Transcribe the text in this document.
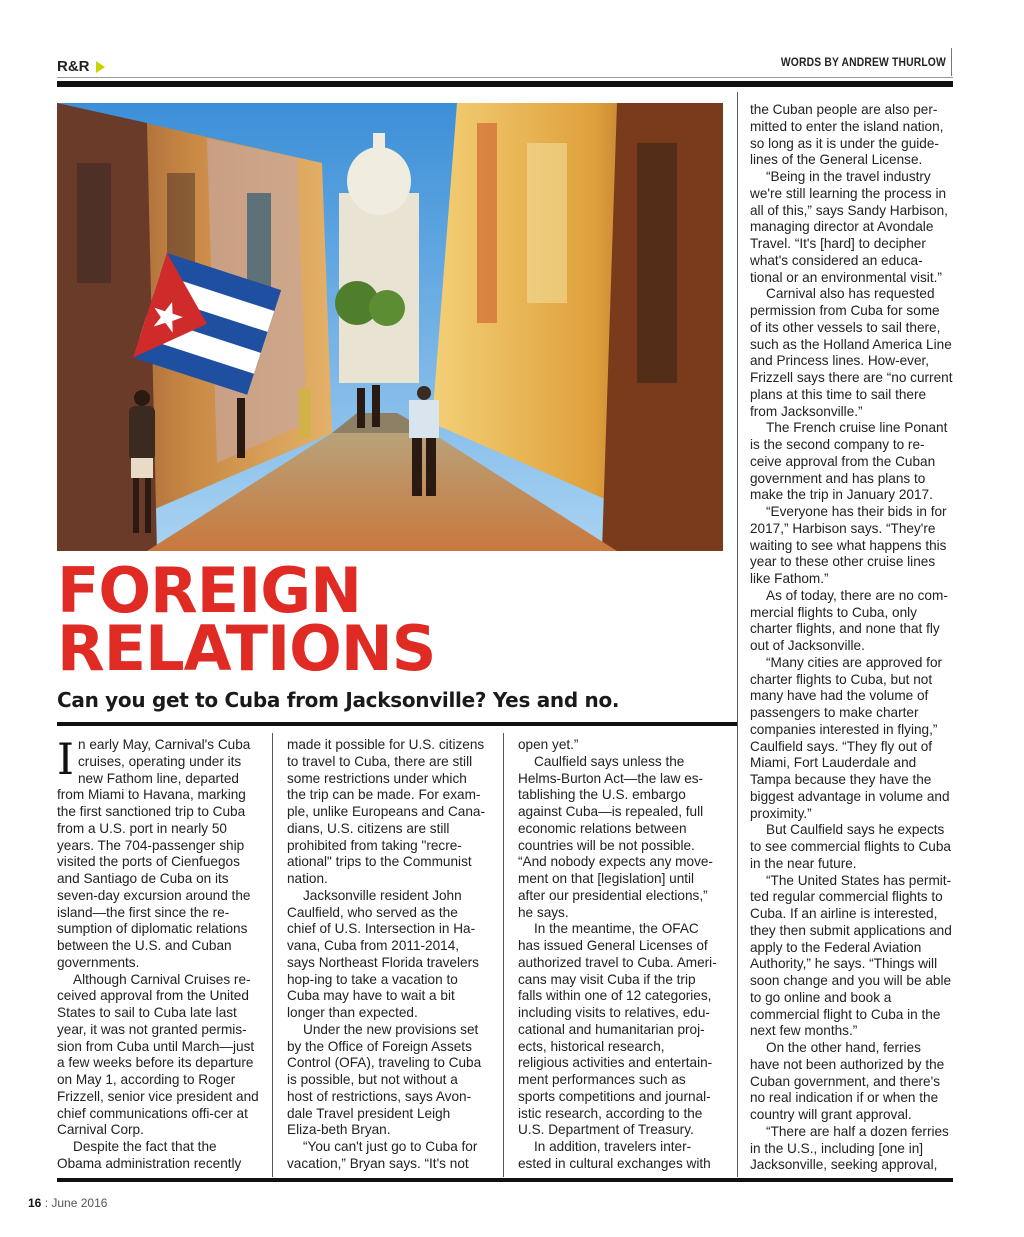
R&R	WORDS BY ANDREW THURLOW
FOREIGN
RELATIONS
Can you get to Cuba from Jacksonville? Yes and no.

In early May, Carnival's Cuba cruises, operating under its new Fathom line, departed from Miami to Havana, marking the first sanctioned trip to Cuba from a U.S. port in nearly 50 years. The 704-passenger ship visited the ports of Cienfuegos and Santiago de Cuba on its seven-day excursion around the island—the first since the re-sumption of diplomatic relations between the U.S. and Cuban governments.

Although Carnival Cruises re-ceived approval from the United States to sail to Cuba late last year, it was not granted permis-sion from Cuba until March—just a few weeks before its departure on May 1, according to Roger Frizzell, senior vice president and chief communications offi-cer at Carnival Corp.

Despite the fact that the Obama administration recently

made it possible for U.S. citizens to travel to Cuba, there are still some restrictions under which the trip can be made. For exam-ple, unlike Europeans and Cana-dians, U.S. citizens are still prohibited from taking "recre-ational" trips to the Communist nation.

Jacksonville resident John Caulfield, who served as the chief of U.S. Intersection in Ha-vana, Cuba from 2011-2014, says Northeast Florida travelers hop-ing to take a vacation to Cuba may have to wait a bit longer than expected.

Under the new provisions set by the Office of Foreign Assets Control (OFA), traveling to Cuba is possible, but not without a host of restrictions, says Avon-dale Travel president Leigh Eliza-beth Bryan.

“You can't just go to Cuba for vacation,” Bryan says. “It's not

open yet.”

Caulfield says unless the Helms-Burton Act—the law es-tablishing the U.S. embargo against Cuba—is repealed, full economic relations between countries will be not possible. “And nobody expects any move-ment on that [legislation] until after our presidential elections,” he says.

In the meantime, the OFAC has issued General Licenses of authorized travel to Cuba. Ameri-cans may visit Cuba if the trip falls within one of 12 categories, including visits to relatives, edu-cational and humanitarian proj-ects, historical research, religious activities and entertain-ment performances such as sports competitions and journal-istic research, according to the U.S. Department of Treasury.

In addition, travelers inter-ested in cultural exchanges with

the Cuban people are also per-mitted to enter the island nation, so long as it is under the guide-lines of the General License.

“Being in the travel industry we're still learning the process in all of this,” says Sandy Harbison, managing director at Avondale Travel. “It's [hard] to decipher what's considered an educa-tional or an environmental visit.”

Carnival also has requested permission from Cuba for some of its other vessels to sail there, such as the Holland America Line and Princess lines. How-ever, Frizzell says there are “no current plans at this time to sail there from Jacksonville.”

The French cruise line Ponant is the second company to re-ceive approval from the Cuban government and has plans to make the trip in January 2017.

“Everyone has their bids in for 2017,” Harbison says. “They're waiting to see what happens this year to these other cruise lines like Fathom.”

As of today, there are no com-mercial flights to Cuba, only charter flights, and none that fly out of Jacksonville.

“Many cities are approved for charter flights to Cuba, but not many have had the volume of passengers to make charter companies interested in flying,” Caulfield says. “They fly out of Miami, Fort Lauderdale and Tampa because they have the biggest advantage in volume and proximity.”

But Caulfield says he expects to see commercial flights to Cuba in the near future.

“The United States has permit-ted regular commercial flights to Cuba. If an airline is interested, they then submit applications and apply to the Federal Aviation Authority,” he says. “Things will soon change and you will be able to go online and book a commercial flight to Cuba in the next few months.”

On the other hand, ferries have not been authorized by the Cuban government, and there's no real indication if or when the country will grant approval.

“There are half a dozen ferries in the U.S., including [one in] Jacksonville, seeking approval,

16 : June 2016
